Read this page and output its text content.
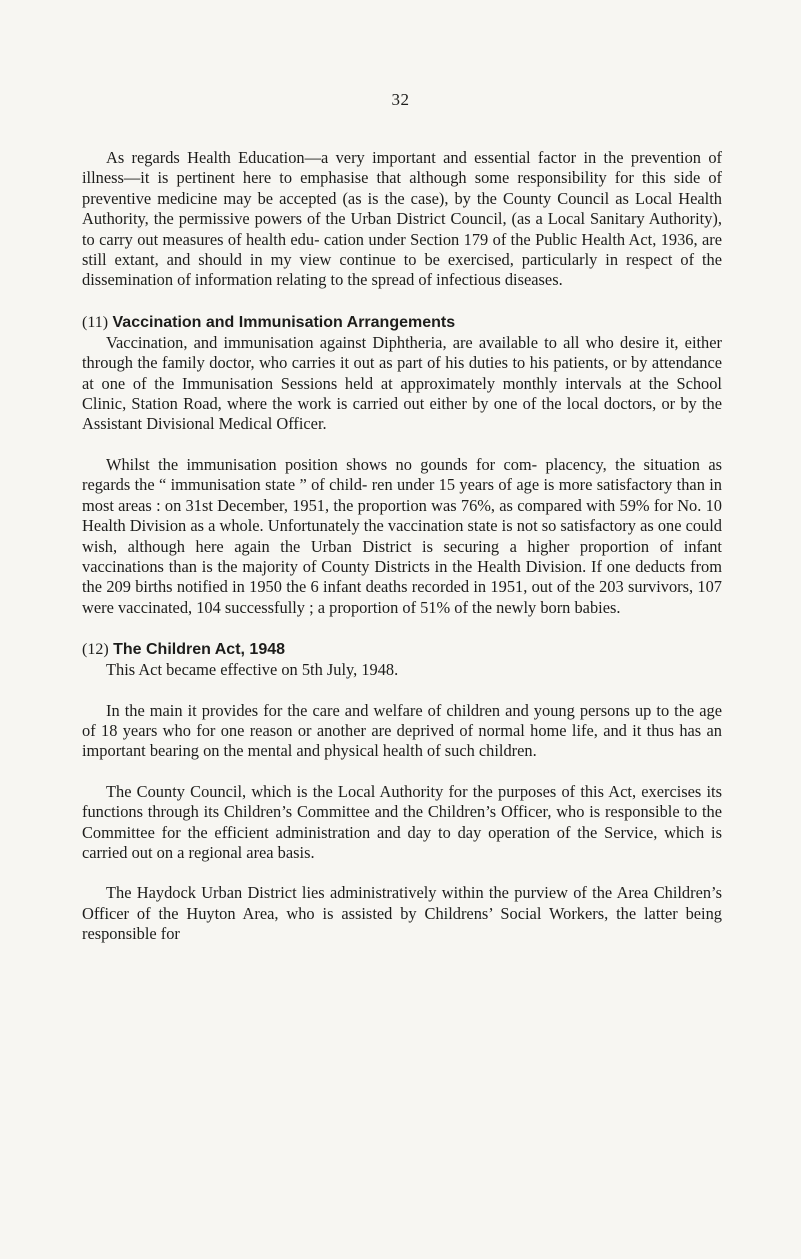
32

As regards Health Education—a very important and essential factor in the prevention of illness—it is pertinent here to emphasise that although some responsibility for this side of preventive medicine may be accepted (as is the case), by the County Council as Local Health Authority, the permissive powers of the Urban District Council, (as a Local Sanitary Authority), to carry out measures of health edu- cation under Section 179 of the Public Health Act, 1936, are still extant, and should in my view continue to be exercised, particularly in respect of the dissemination of information relating to the spread of infectious diseases.

(11) Vaccination and Immunisation Arrangements

Vaccination, and immunisation against Diphtheria, are available to all who desire it, either through the family doctor, who carries it out as part of his duties to his patients, or by attendance at one of the Immunisation Sessions held at approximately monthly intervals at the School Clinic, Station Road, where the work is carried out either by one of the local doctors, or by the Assistant Divisional Medical Officer.

Whilst the immunisation position shows no gounds for com- placency, the situation as regards the “ immunisation state ” of child- ren under 15 years of age is more satisfactory than in most areas : on 31st December, 1951, the proportion was 76%, as compared with 59% for No. 10 Health Division as a whole. Unfortunately the vaccination state is not so satisfactory as one could wish, although here again the Urban District is securing a higher proportion of infant vaccinations than is the majority of County Districts in the Health Division. If one deducts from the 209 births notified in 1950 the 6 infant deaths recorded in 1951, out of the 203 survivors, 107 were vaccinated, 104 successfully ; a proportion of 51% of the newly born babies.

(12) The Children Act, 1948

This Act became effective on 5th July, 1948.

In the main it provides for the care and welfare of children and young persons up to the age of 18 years who for one reason or another are deprived of normal home life, and it thus has an important bearing on the mental and physical health of such children.

The County Council, which is the Local Authority for the purposes of this Act, exercises its functions through its Children’s Committee and the Children’s Officer, who is responsible to the Committee for the efficient administration and day to day operation of the Service, which is carried out on a regional area basis.

The Haydock Urban District lies administratively within the purview of the Area Children’s Officer of the Huyton Area, who is assisted by Childrens’ Social Workers, the latter being responsible for
